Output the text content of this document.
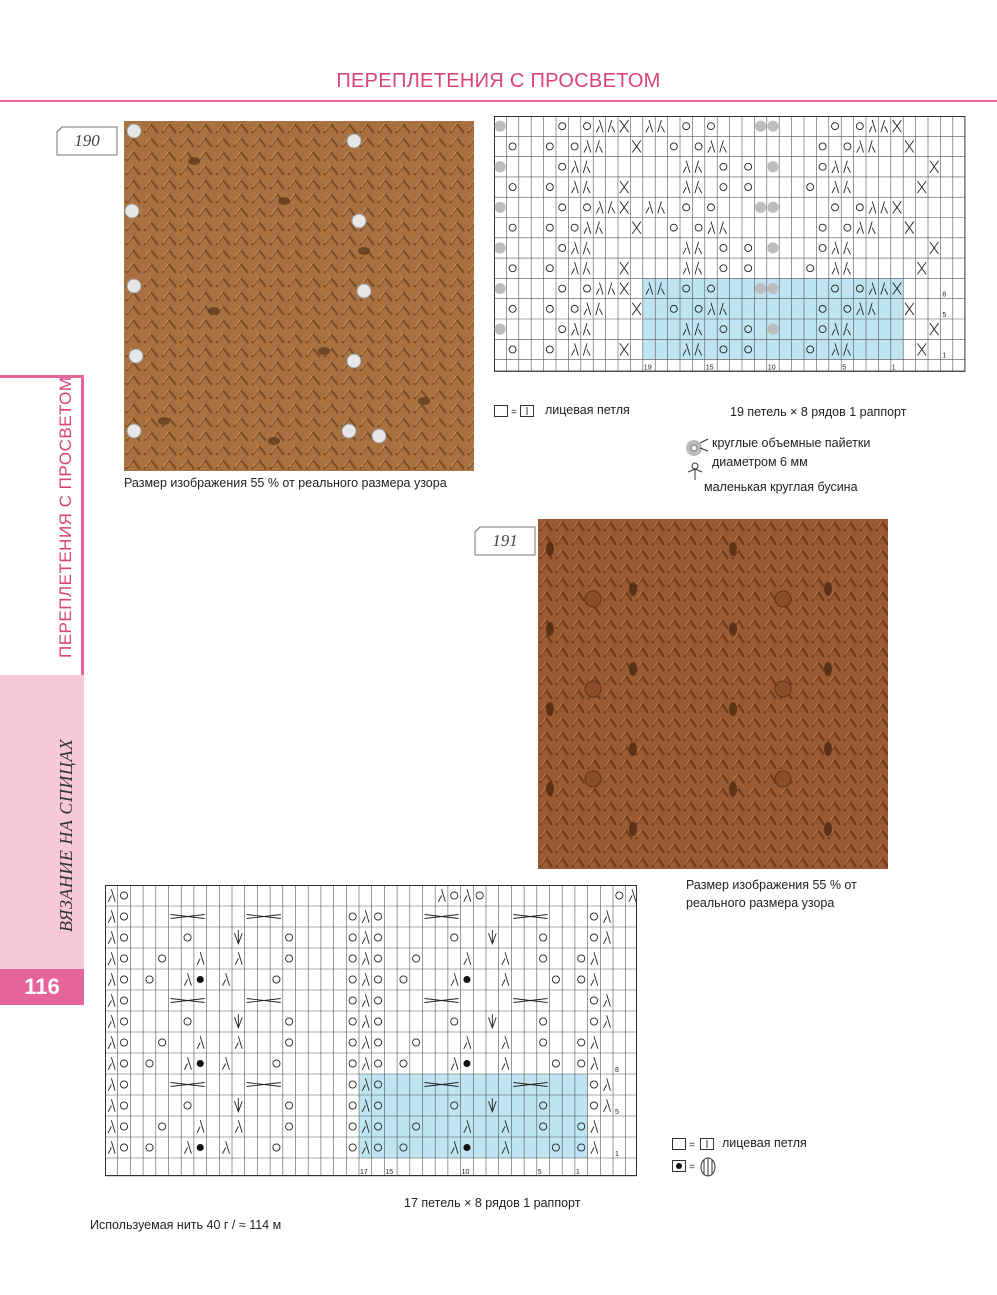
ПЕРЕПЛЕТЕНИЯ С ПРОСВЕТОМ
ПЕРЕПЛЕТЕНИЯ С ПРОСВЕТОМ
ВЯЗАНИЕ НА СПИЦАХ
116
190
Размер изображения 55 % от реального размера узора
8
5
1
19	15	10	5	1
= лицевая петля	19 петель × 8 рядов 1 раппорт
круглые объемные пайетки
диаметром 6 мм
маленькая круглая бусина
191
Размер изображения 55 % от
реального размера узора
8
5
1
17	15	10	5	1
= лицевая петля
=
17 петель × 8 рядов 1 раппорт
Используемая нить 40 г / ≈ 114 м
